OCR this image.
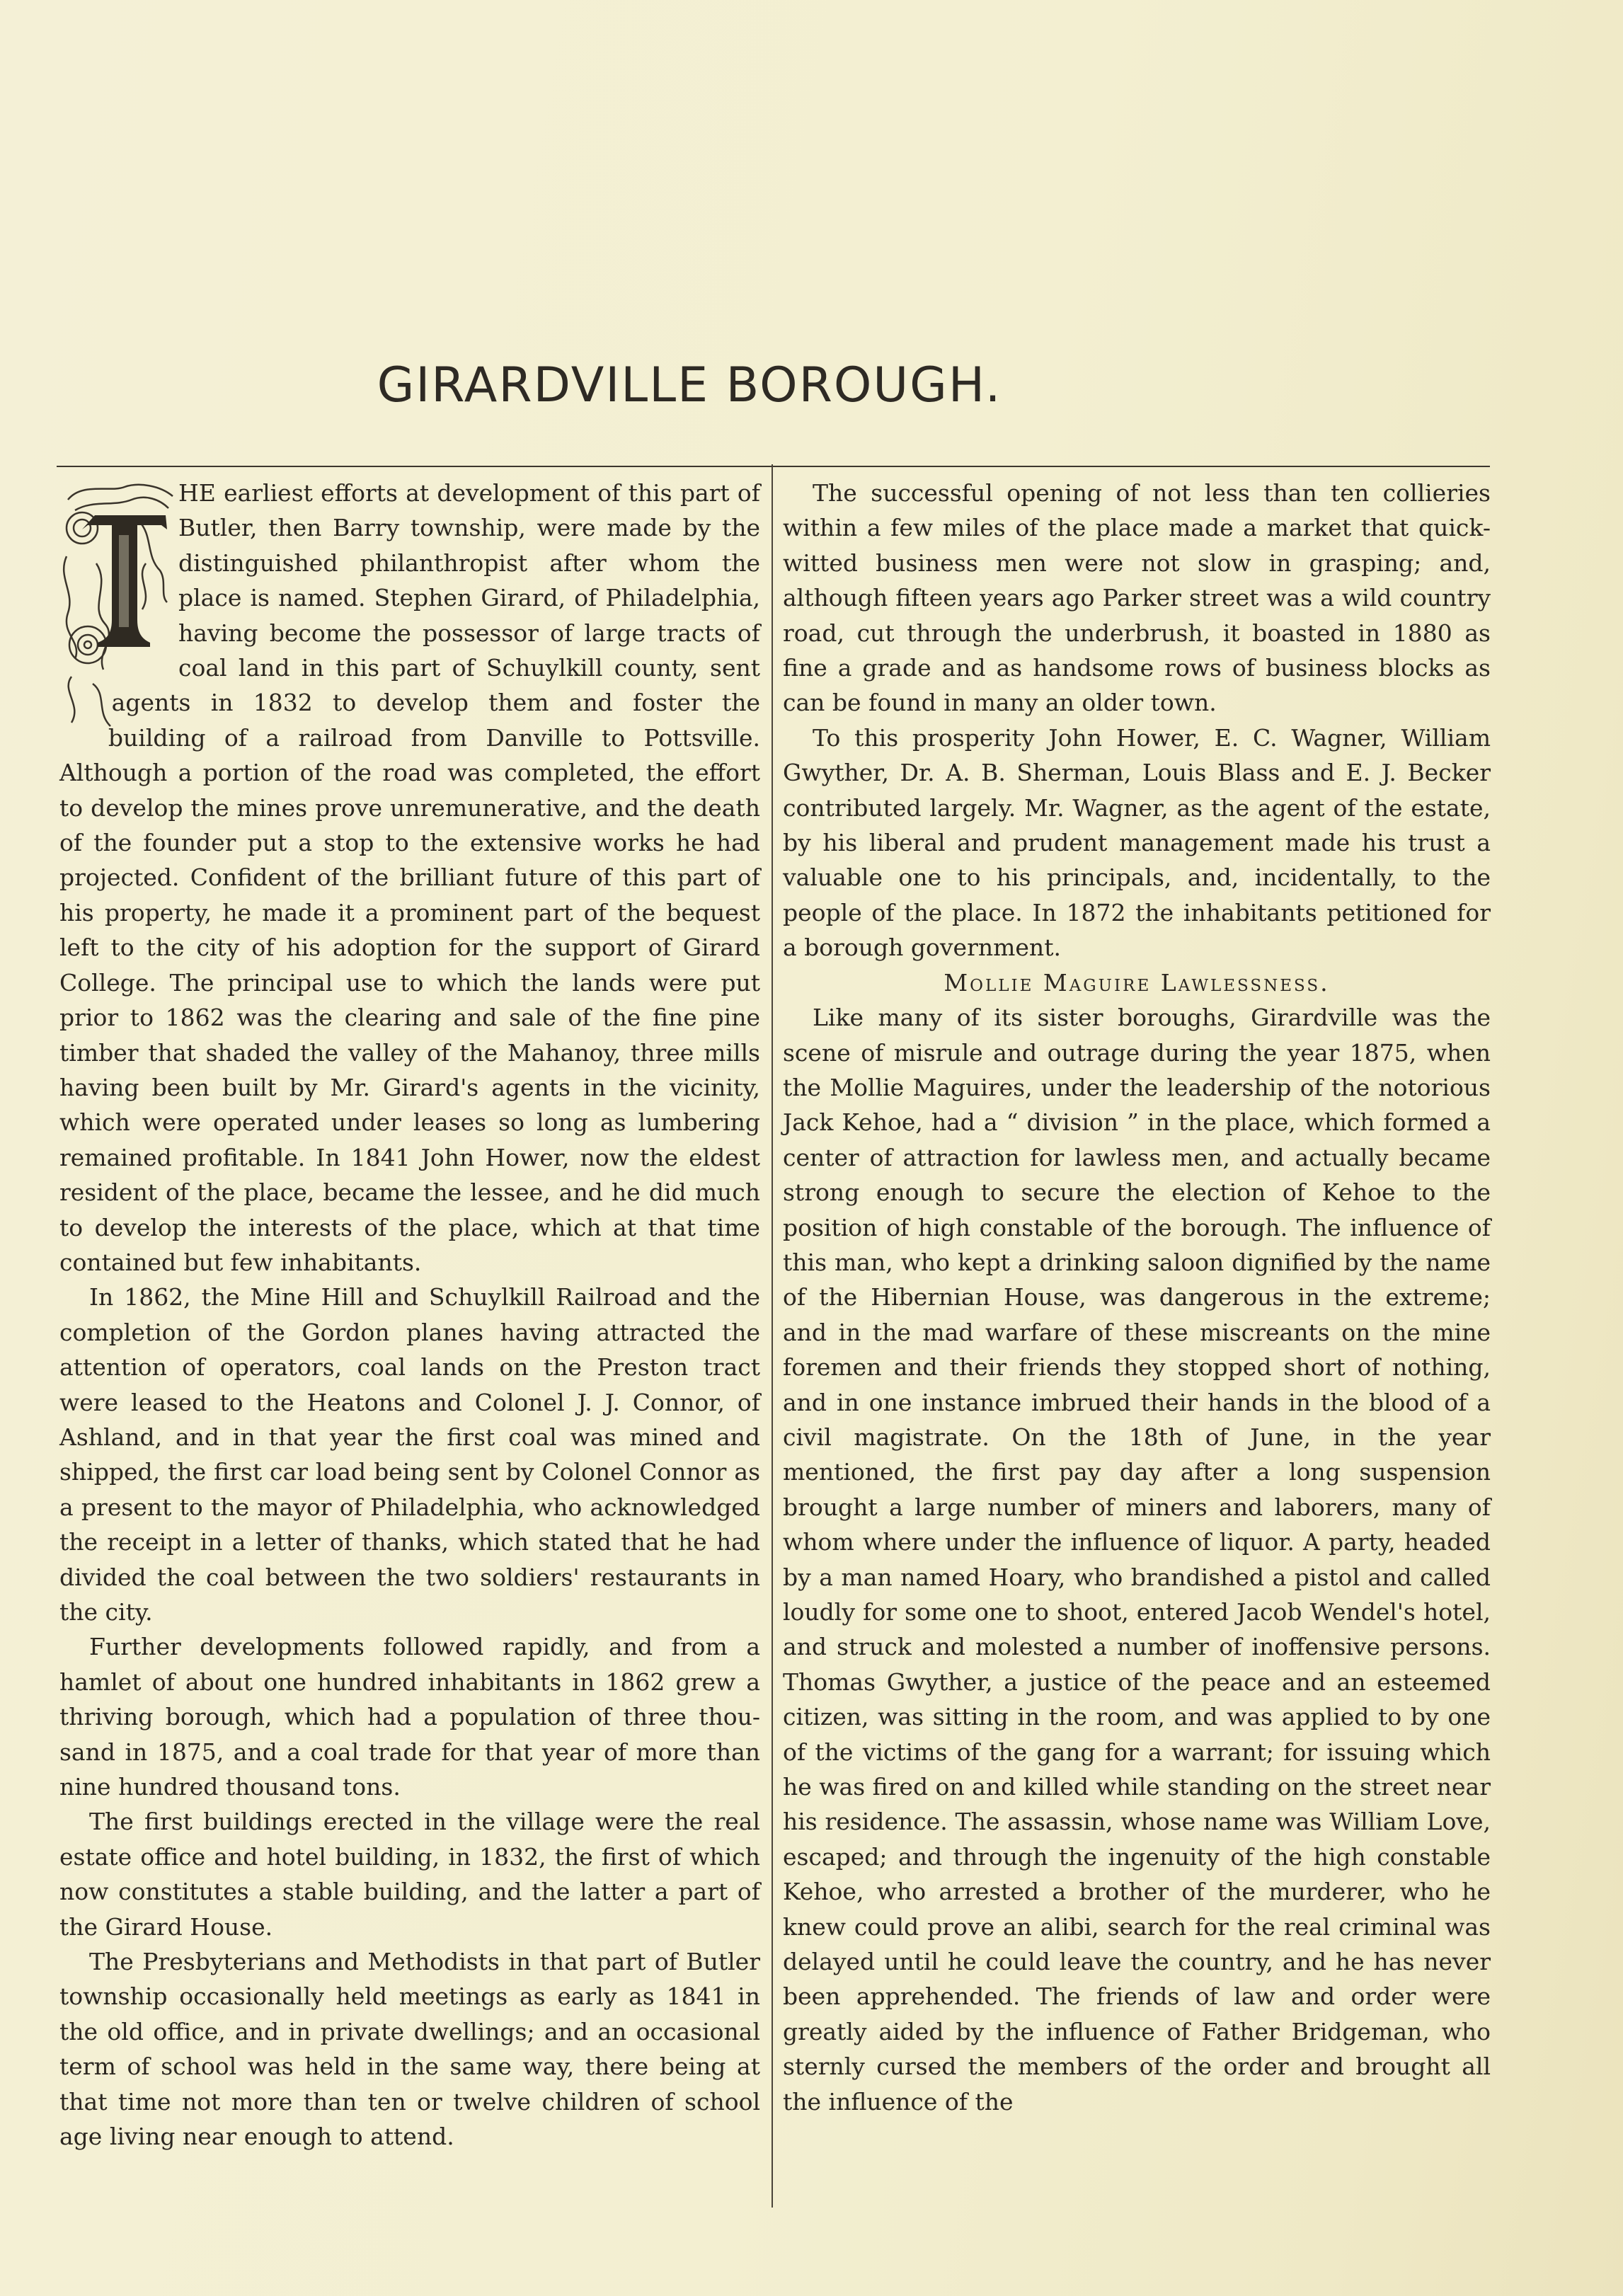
GIRARDVILLE BOROUGH.

HE earliest efforts at development of this part of Butler, then Barry township, were made by the distinguished philanthropist after whom the place is named. Stephen Girard, of Philadelphia, having become the possessor of large tracts of coal land in this part of Schuylkill county, sent agents in 1832 to develop them and foster the building of a railroad from Danville to Pottsville. Although a portion of the road was completed, the effort to develop the mines prove unremunerative, and the death of the founder put a stop to the extensive works he had projected. Confident of the brilliant future of this part of his property, he made it a prominent part of the bequest left to the city of his adoption for the support of Girard College. The principal use to which the lands were put prior to 1862 was the clearing and sale of the fine pine timber that shaded the valley of the Mahanoy, three mills having been built by Mr. Girard's agents in the vicinity, which were operated under leases so long as lumbering remained profitable. In 1841 John Hower, now the eldest resident of the place, became the lessee, and he did much to develop the interests of the place, which at that time contained but few inhabitants.

In 1862, the Mine Hill and Schuylkill Railroad and the completion of the Gordon planes having attracted the attention of operators, coal lands on the Preston tract were leased to the Heatons and Colonel J. J. Connor, of Ashland, and in that year the first coal was mined and shipped, the first car load being sent by Colonel Connor as a present to the mayor of Philadelphia, who acknowledged the receipt in a letter of thanks, which stated that he had divided the coal between the two soldiers' restaurants in the city.

Further developments followed rapidly, and from a hamlet of about one hundred inhabitants in 1862 grew a thriving borough, which had a population of three thousand in 1875, and a coal trade for that year of more than nine hundred thousand tons.

The first buildings erected in the village were the real estate office and hotel building, in 1832, the first of which now constitutes a stable building, and the latter a part of the Girard House.

The Presbyterians and Methodists in that part of Butler township occasionally held meetings as early as 1841 in the old office, and in private dwellings; and an occasional term of school was held in the same way, there being at that time not more than ten or twelve children of school age living near enough to attend.

The successful opening of not less than ten collieries within a few miles of the place made a market that quick-witted business men were not slow in grasping; and, although fifteen years ago Parker street was a wild country road, cut through the underbrush, it boasted in 1880 as fine a grade and as handsome rows of business blocks as can be found in many an older town.

To this prosperity John Hower, E. C. Wagner, William Gwyther, Dr. A. B. Sherman, Louis Blass and E. J. Becker contributed largely. Mr. Wagner, as the agent of the estate, by his liberal and prudent management made his trust a valuable one to his principals, and, incidentally, to the people of the place. In 1872 the inhabitants petitioned for a borough government.

Mollie Maguire Lawlessness.

Like many of its sister boroughs, Girardville was the scene of misrule and outrage during the year 1875, when the Mollie Maguires, under the leadership of the notorious Jack Kehoe, had a “ division ” in the place, which formed a center of attraction for lawless men, and actually became strong enough to secure the election of Kehoe to the position of high constable of the borough. The influence of this man, who kept a drinking saloon dignified by the name of the Hibernian House, was dangerous in the extreme; and in the mad warfare of these miscreants on the mine foremen and their friends they stopped short of nothing, and in one instance imbrued their hands in the blood of a civil magistrate. On the 18th of June, in the year mentioned, the first pay day after a long suspension brought a large number of miners and laborers, many of whom where under the influence of liquor. A party, headed by a man named Hoary, who brandished a pistol and called loudly for some one to shoot, entered Jacob Wendel's hotel, and struck and molested a number of inoffensive persons. Thomas Gwyther, a justice of the peace and an esteemed citizen, was sitting in the room, and was applied to by one of the victims of the gang for a warrant; for issuing which he was fired on and killed while standing on the street near his residence. The assassin, whose name was William Love, escaped; and through the ingenuity of the high constable Kehoe, who arrested a brother of the murderer, who he knew could prove an alibi, search for the real criminal was delayed until he could leave the country, and he has never been apprehended. The friends of law and order were greatly aided by the influence of Father Bridgeman, who sternly cursed the members of the order and brought all the influence of the
